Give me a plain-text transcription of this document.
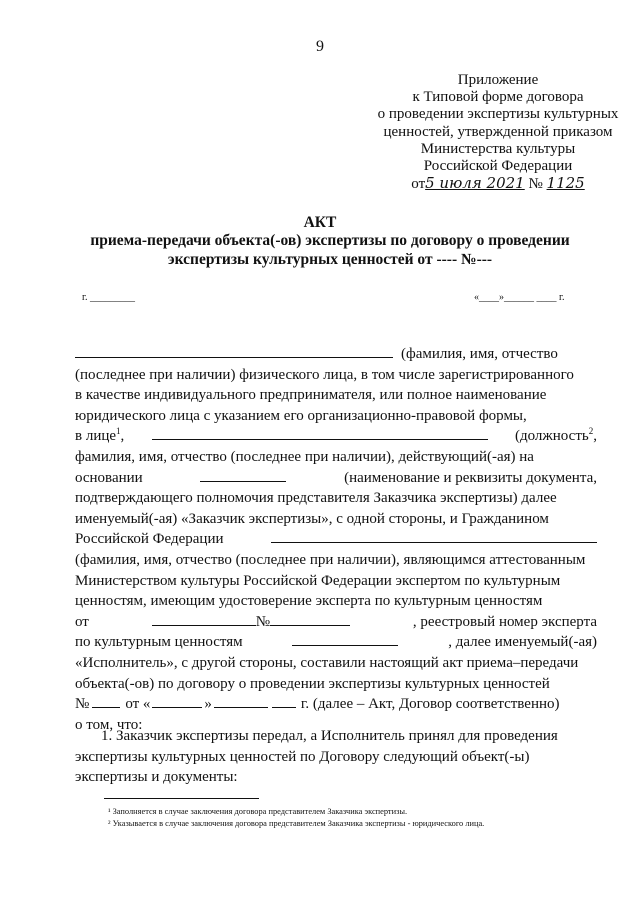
9
Приложение
к Типовой форме договора
о проведении экспертизы культурных
ценностей, утвержденной приказом
Министерства культуры
Российской Федерации
от5 июля 2021 № 1125
АКТ
приема-передачи объекта(-ов) экспертизы по договору о проведении
экспертизы культурных ценностей от ---- №---
г. _________	«____»______ ____ г.
(фамилия, имя, отчество
(последнее при наличии) физического лица, в том числе зарегистрированного
в качестве индивидуального предпринимателя, или полное наименование
юридического лица с указанием его организационно-правовой формы,
в лице$^1$,	(должность$^2$,
фамилия, имя, отчество (последнее при наличии), действующий(-ая) на
основании	(наименование и реквизиты документа,
подтверждающего полномочия представителя Заказчика экспертизы) далее
именуемый(-ая) «Заказчик экспертизы», с одной стороны, и Гражданином
Российской Федерации
(фамилия, имя, отчество (последнее при наличии), являющимся аттестованным
Министерством культуры Российской Федерации экспертом по культурным
ценностям, имеющим удостоверение эксперта по культурным ценностям
от	№	, реестровый номер эксперта
по культурным ценностям	, далее именуемый(-ая)
«Исполнитель», с другой стороны, составили настоящий акт приема–передачи
объекта(-ов) по договору о проведении экспертизы культурных ценностей
№ от «	»	г. (далее – Акт, Договор соответственно)
о том, что:
1. Заказчик экспертизы передал, а Исполнитель принял для проведения
экспертизы культурных ценностей по Договору следующий объект(-ы)
экспертизы и документы:
¹ Заполняется в случае заключения договора представителем Заказчика экспертизы.
² Указывается в случае заключения договора представителем Заказчика экспертизы - юридического лица.
